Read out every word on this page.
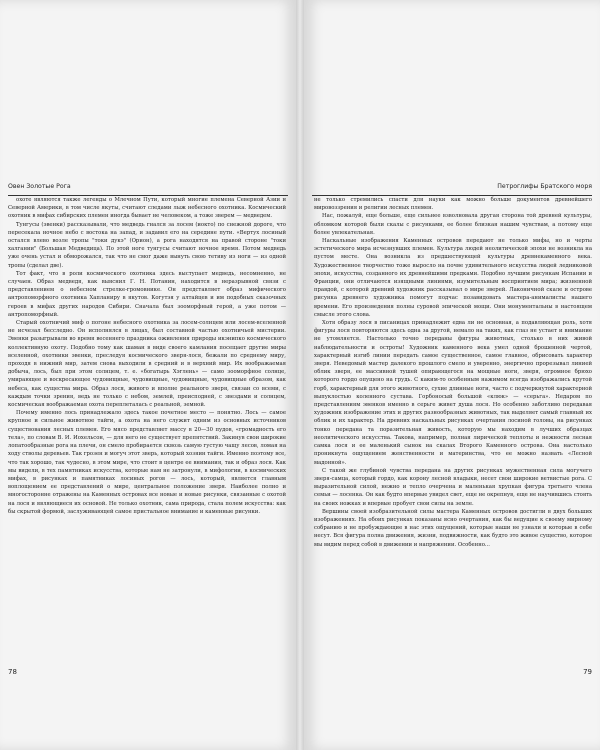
Овен Золотые Рога

охоте являются также легенды о Млечном Пути, который многие племена Северной Азии и Северной Америки, в том числе якуты, считают следами лыж небесного охотника. Космический охотник в мифах сибирских племен иногда бывает не человеком, а тоже зверем — медведем.

Тунгусы (эвенки) рассказывали, что медведь гнался за лосем (иокто) по снежной дороге, что пересекала ночное небо с востока на запад, и задавил его на середине пути. «Вертух лосиный остался влево возле тропы "токи дукэ" (Орион), а рога находятся на правой стороне "токи халгании" (Большая Медведица). По этой ноге тунгусы считают ночное время. Потом медведь уже очень устал и обморожался, так что не смог даже вынуть свою тетиву из ноги — из одной тропы (сделал две).

Тот факт, что в роли космического охотника здесь выступает медведь, несомненно, не случаен. Образ медведя, как выяснил Г. Н. Потанин, находится в неразрывной связи с представлением о небесном стрелке-громовнике. Он представляет образ мифического антропоморфного охотника Хапланиру в якутов. Когутэя у алтайцев и им подобных сказочных героев в мифах других народов Сибири. Сначала был зооморфный герой, а уже потом — антропоморфный.

Старый охотничий миф о погоне небесного охотника за лосем-солнцем или лосем-вселенной не исчезал бесследно. Он исполнялся в лицах, был составной частью охотничьей мистерии. Эвенки разыгрывали во время весеннего праздника оживления природы икэнипко космического коллективную охоту. Подобно тому как шаман в виде своего камлания посещает другие миры вселенной, охотники эвенки, преследуя космического зверя-лося, бежали по среднему миру, проходя в нижний мир, затем снова выходили в средний и в верхний мир. Их воображаемая добыча, лось, был при этом солнцем, т. е. «богатырь Хэглень» — само зооморфное солнце, умирающее и воскресающее чудовищные, чудовищные, чудовищные, чудовищные образом, как небеса, как существа мира. Образ лося, живого и вполне реального зверя, связан со всеми, с каждым точки зрения, ведь не только с небом, землей, преисподней, с звездами и солнцем, космическая воображаемая охота переплеталась с реальной, земной.

Почему именно лось принадлежало здесь такое почетное место — понятно. Лось — самое крупное и сильное животное тайги, а охота на него служит одним из основных источников существования лесных племен. Его мясо представляет массу в 20—30 пудов, «громадность его тела», по словам В. И. Иохельсон, — для него не существует препятствий. Закинув свои широкие лопатообразные рога на плечи, он смело пробирается сквозь самую густую чащу лесов, ломая на ходу стволы деревьев. Так грозен и могуч этот зверь, который хозяин тайги. Именно поэтому все, что так хорошо, так чудесно, в этом мире, что стоит в центре ее внимания, так и образ лося. Как мы видели, в тех памятниках искусства, которые нам не затронули, в мифологии, в космических мифах, в рисунках и памятниках лосиных рогов — лось, который, является главным воплощением ее представлений о мире, центральное положение зверя. Наиболее полно и многосторонне отражены на Каменных островах все новые и новые рисунки, связанные с охотой на лося и являющиеся их основой. Не только охотник, сама природа, стала полем искусства: как бы скрытой формой, заслуживающей самое пристальное внимание и каменные рисунки.

78
Петроглифы Братского моря

не только стремились спасти для науки как можно больше документов древнейшего мировоззрения и религии лесных племен.

Нас, пожалуй, еще больше, еще сильнее взволновала другая сторона той древней культуры, обломком которой были скалы с рисунками, ее более близкая нашим чувствам, а потому еще более увлекательная.

Наскальные изображения Каменных островов передают не только мифы, но и черты эстетического мира исчезнувших племен. Культура людей неолитической эпохи не возникла на пустом месте. Она возникла из предшествующей культуры древнекаменного века. Художественное творчество тоже выросло на почве удивительного искусства людей ледниковой эпохи, искусства, созданного их древнейшими предками. Подобно лучшим рисункам Испании и Франции, они отличаются изящными линиями, изумительным восприятием мира; жизненной правдой, с которой древний художник рассказывал о мире зверей. Лаконичной скале и острове рисунка древнего художника помогут подчас позавидовать мастера-анималисты нашего времени. Его произведения полны суровой эпической мощи. Они монументальны в настоящем смысле этого слова.

Хотя образу лося в писаницах принадлежит едва ли не основная, а подавляющая роль, хотя фигуры лося повторяются здесь одна за другой, немало на таких, как глаз не устает и внимание не утомляется. Настолько точно переданы фигуры животных, столько в них живой наблюдательности и остроты! Художник каменного века умел одной брошенной чертой, характерный изгиб линии передать самое существенное, самое главное, обрисовать характер зверя. Неведомый мастер далекого прошлого смело и уверенно, энергично прорезывал линией облик зверя, ее массивной тушей опирающегося на мощные ноги, зверя, огромное брюхо которого гордо опущено на грудь. С каким-то особенным нажимом всегда изображались крутой горб, характерный для этого животного, сухие длинные ноги, часто с подчеркнутой характерной выпуклостью коленного сустава. Горбоносый большой «клюк» — «серьга». Недаром по представлениям эвенков именно в серьге живет душа лося. Но особенно заботливо передавая художник изображение этих и других разнообразных животных, так выделяет самый главный их облик и их характер. На древних наскальных рисунках очертания лосиной головы, на рисунках тонко передана та поразительная живость, которую мы находим в лучших образцах неолитического искусства. Такова, например, полная лирической теплоты и нежности лесная самка лося и ее маленький сынок на скалах Второго Каменного острова. Она настолько проникнута ощущением женственности и материнства, что ее можно назвать «Лесной мадонной».

С такой же глубиной чувства передана на других рисунках мужественная сила могучего зверя-самца, который гордо, как корону лесной владыки, несет свои широкие ветвистые рога. С выразительной силой, нежно и тепло очерчена и маленькая хрупкая фигура третьего члена семьи — лосенка. Он как будто впервые увидел свет, еще не окрепнув, еще не научившись стоять на своих ножках и впервые пробует свои силы на земле.

Вершины своей изобразительной силы мастера Каменных островов достигли в двух больших изображениях. На обоих рисунках показаны ясно очертания, как бы ведущие к своему мирному собранию и не пробуждающие в нас этих ощущений, которые наши не узнали и которые в себе несут. Вся фигура полна движения, жизни, подвижности, как будто это живое существо, которое мы видим перед собой в движении и напряжении. Особенно...

79
